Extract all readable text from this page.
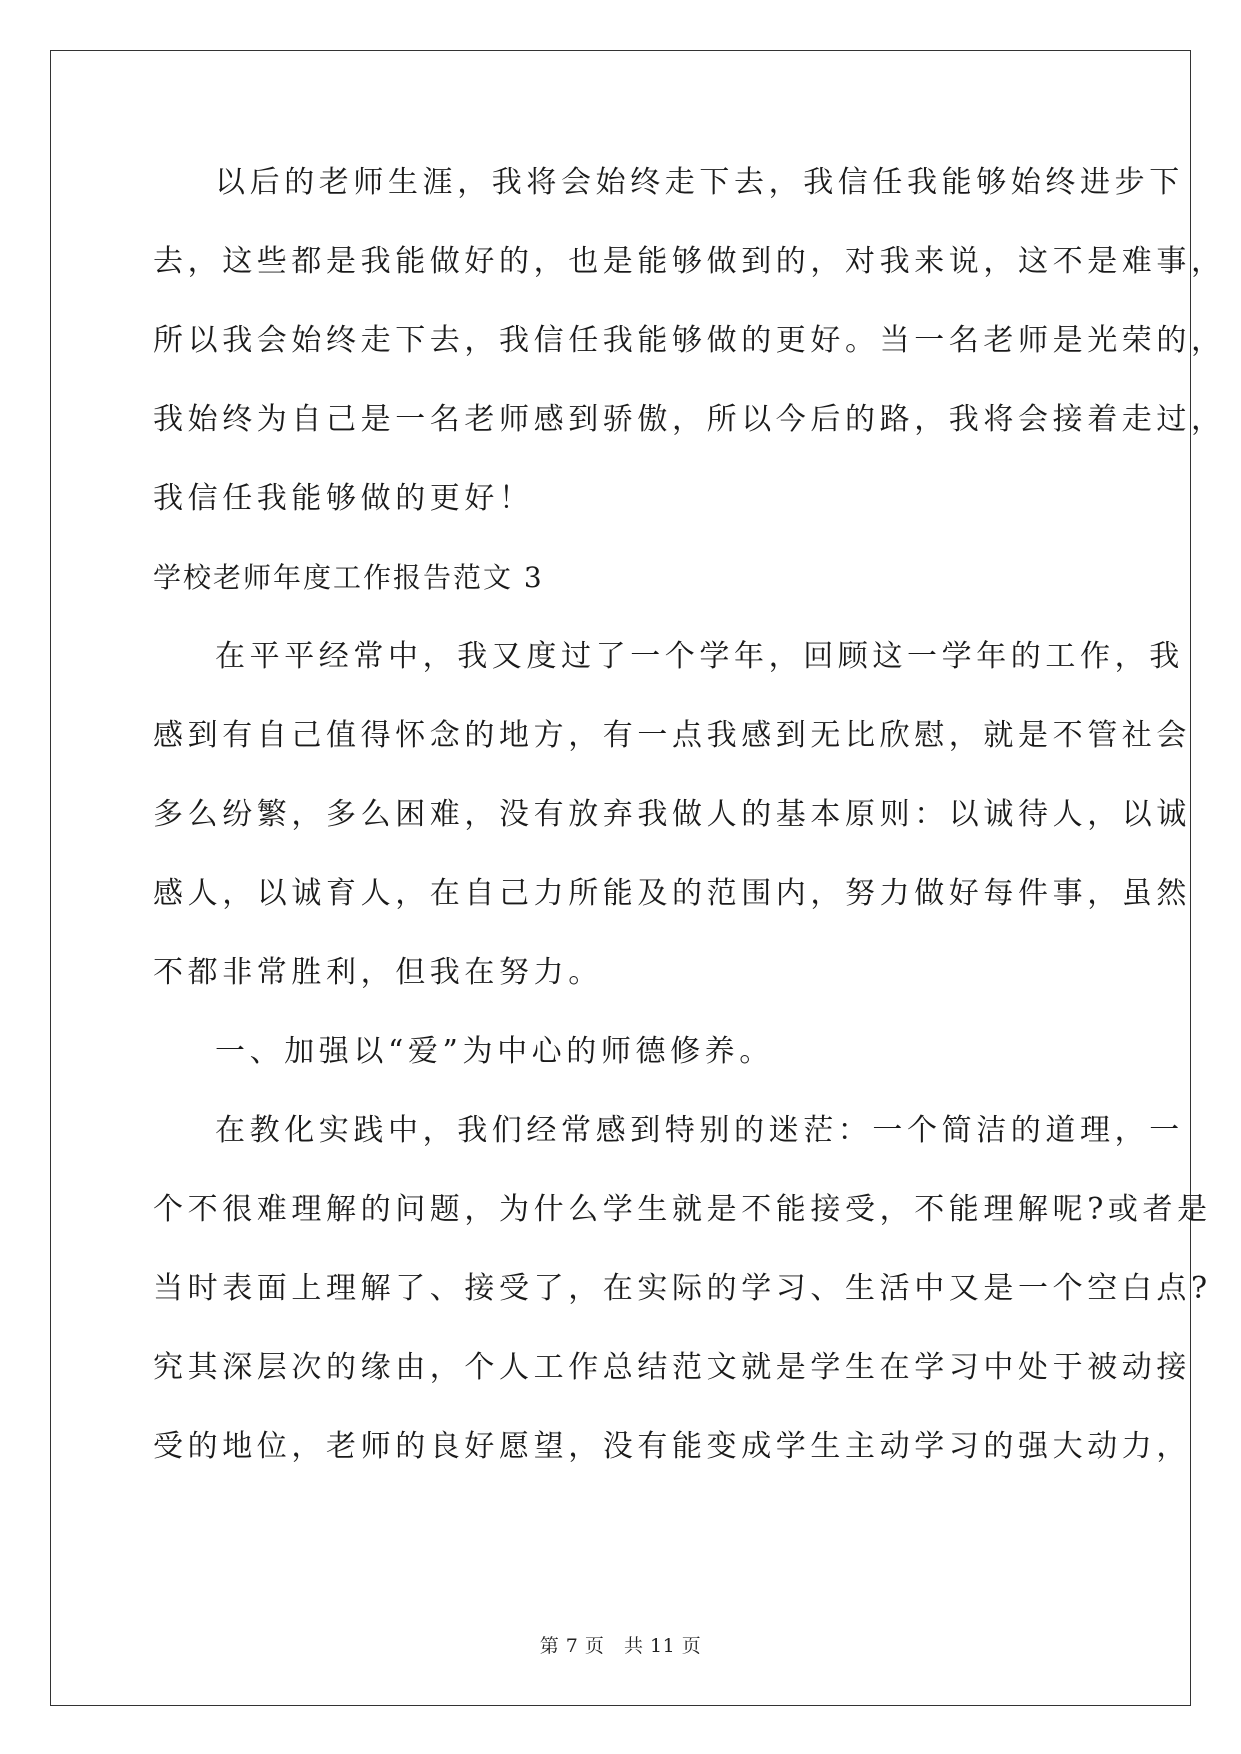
以后的老师生涯，我将会始终走下去，我信任我能够始终进步下
去，这些都是我能做好的，也是能够做到的，对我来说，这不是难事，
所以我会始终走下去，我信任我能够做的更好。当一名老师是光荣的，
我始终为自己是一名老师感到骄傲，所以今后的路，我将会接着走过，
我信任我能够做的更好！
学校老师年度工作报告范文 3
在平平经常中，我又度过了一个学年，回顾这一学年的工作，我
感到有自己值得怀念的地方，有一点我感到无比欣慰，就是不管社会
多么纷繁，多么困难，没有放弃我做人的基本原则：以诚待人，以诚
感人，以诚育人，在自己力所能及的范围内，努力做好每件事，虽然
不都非常胜利，但我在努力。
一、加强以“爱”为中心的师德修养。
在教化实践中，我们经常感到特别的迷茫：一个简洁的道理，一
个不很难理解的问题，为什么学生就是不能接受，不能理解呢?或者是
当时表面上理解了、接受了，在实际的学习、生活中又是一个空白点?
究其深层次的缘由，个人工作总结范文就是学生在学习中处于被动接
受的地位，老师的良好愿望，没有能变成学生主动学习的强大动力，
第 7 页   共 11 页
